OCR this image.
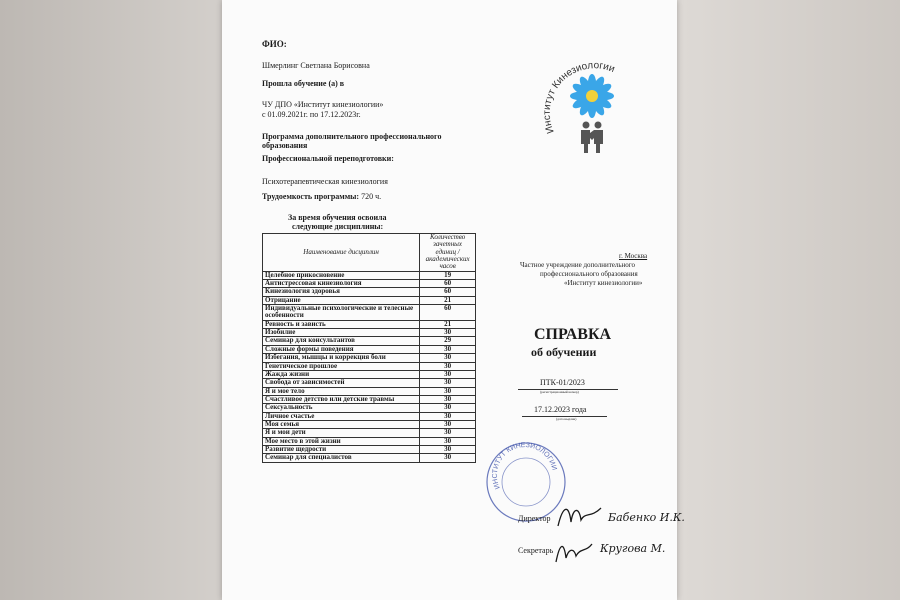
ФИО:
Шмерлинг Светлана Борисовна
Прошла обучение (а) в
ЧУ ДПО «Институт кинезиологии»
с 01.09.2021г. по 17.12.2023г.
Программа дополнительного профессионального
образования
Профессиональной переподготовки:
Психотерапевтическая кинезиология
Трудоемкость программы: 720 ч.
За время обучения освоила
следующие дисциплины:
Наименование дисциплин	Количество зачетных единиц / академических часов
Целебное прикосновение	19
Антистрессовая кинезиология	60
Кинезиология здоровья	60
Отрицание	21
Индивидуальные психологические и телесные особенности	60
Ревность и зависть	21
Изобилие	30
Семинар для консультантов	29
Сложные формы поведения	30
Избегания, мышцы и коррекция боли	30
Генетическое прошлое	30
Жажда жизни	30
Свобода от зависимостей	30
Я и мое тело	30
Счастливое детство или детские травмы	30
Сексуальность	30
Личное счастье	30
Моя семья	30
Я и мои дети	30
Мое место в этой жизни	30
Развитие щедрости	30
Семинар для специалистов	30
Институт Кинезиологии
г. Москва
Частное учреждение дополнительного
профессионального образования
«Институт кинезиологии»
СПРАВКА
об обучении
ПТК-01/2023
(регистрационный номер)
17.12.2023 года
(дата выдачи)
ИНСТИТУТ КИНЕЗИОЛОГИИ
Директор	Бабенко И.К.
Секретарь	Кругова М.
